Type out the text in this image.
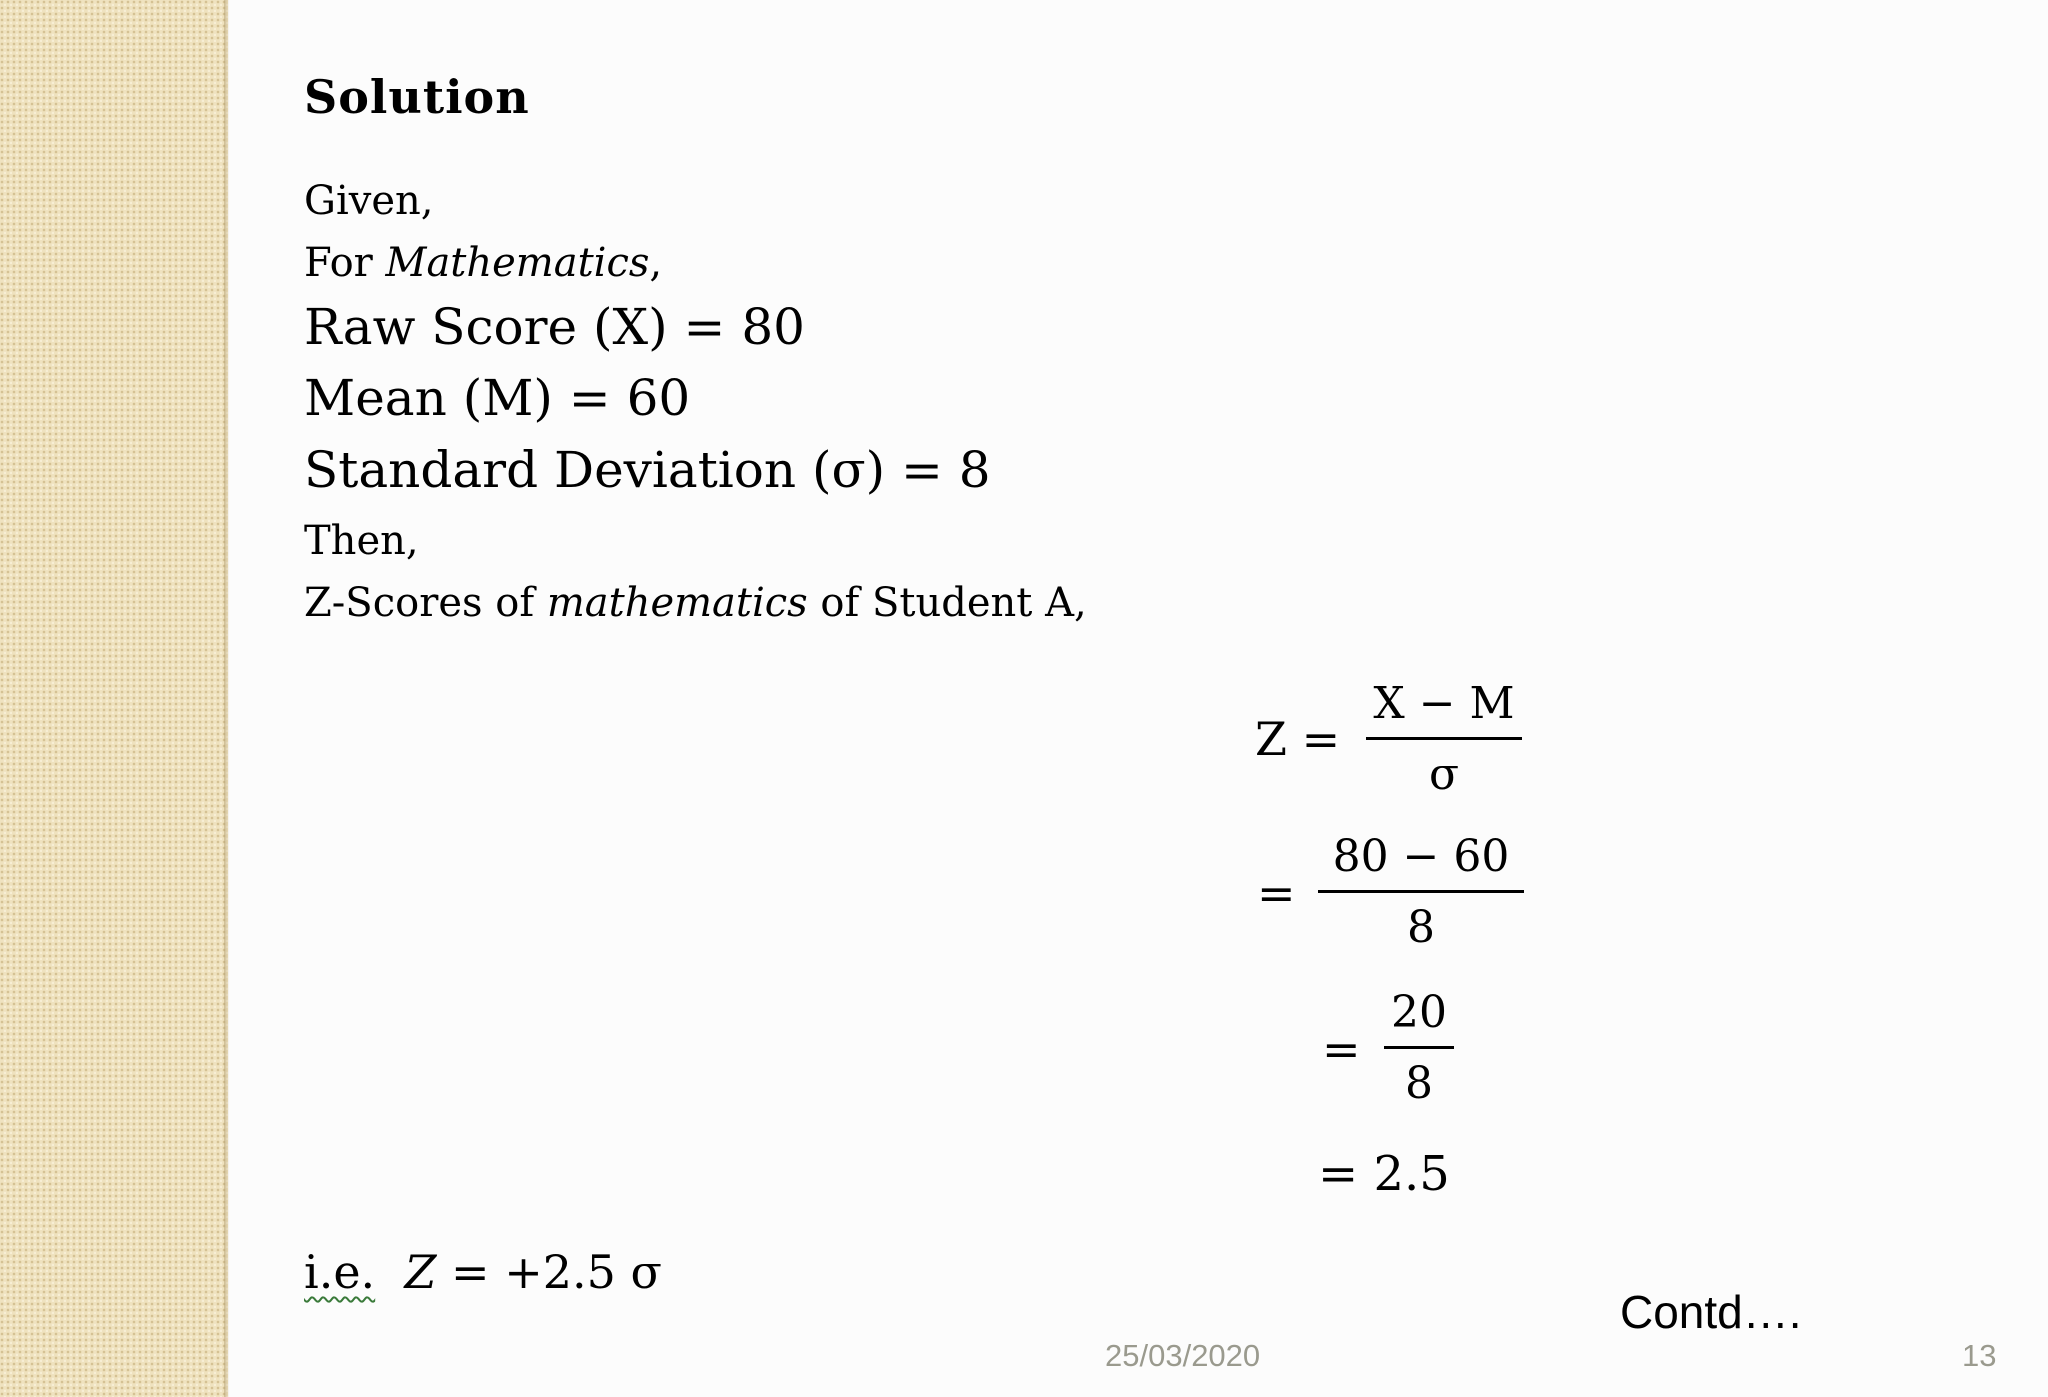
Solution
Given,
For Mathematics,
Raw Score (X) = 80
Mean (M) = 60
Standard Deviation (σ) = 8
Then,
Z-Scores of mathematics of Student A,
Z =
X − M
σ
=
80 − 60
8
=
20
8
= 2.5
i.e. Z = +2.5 σ
Contd….
25/03/2020	13
